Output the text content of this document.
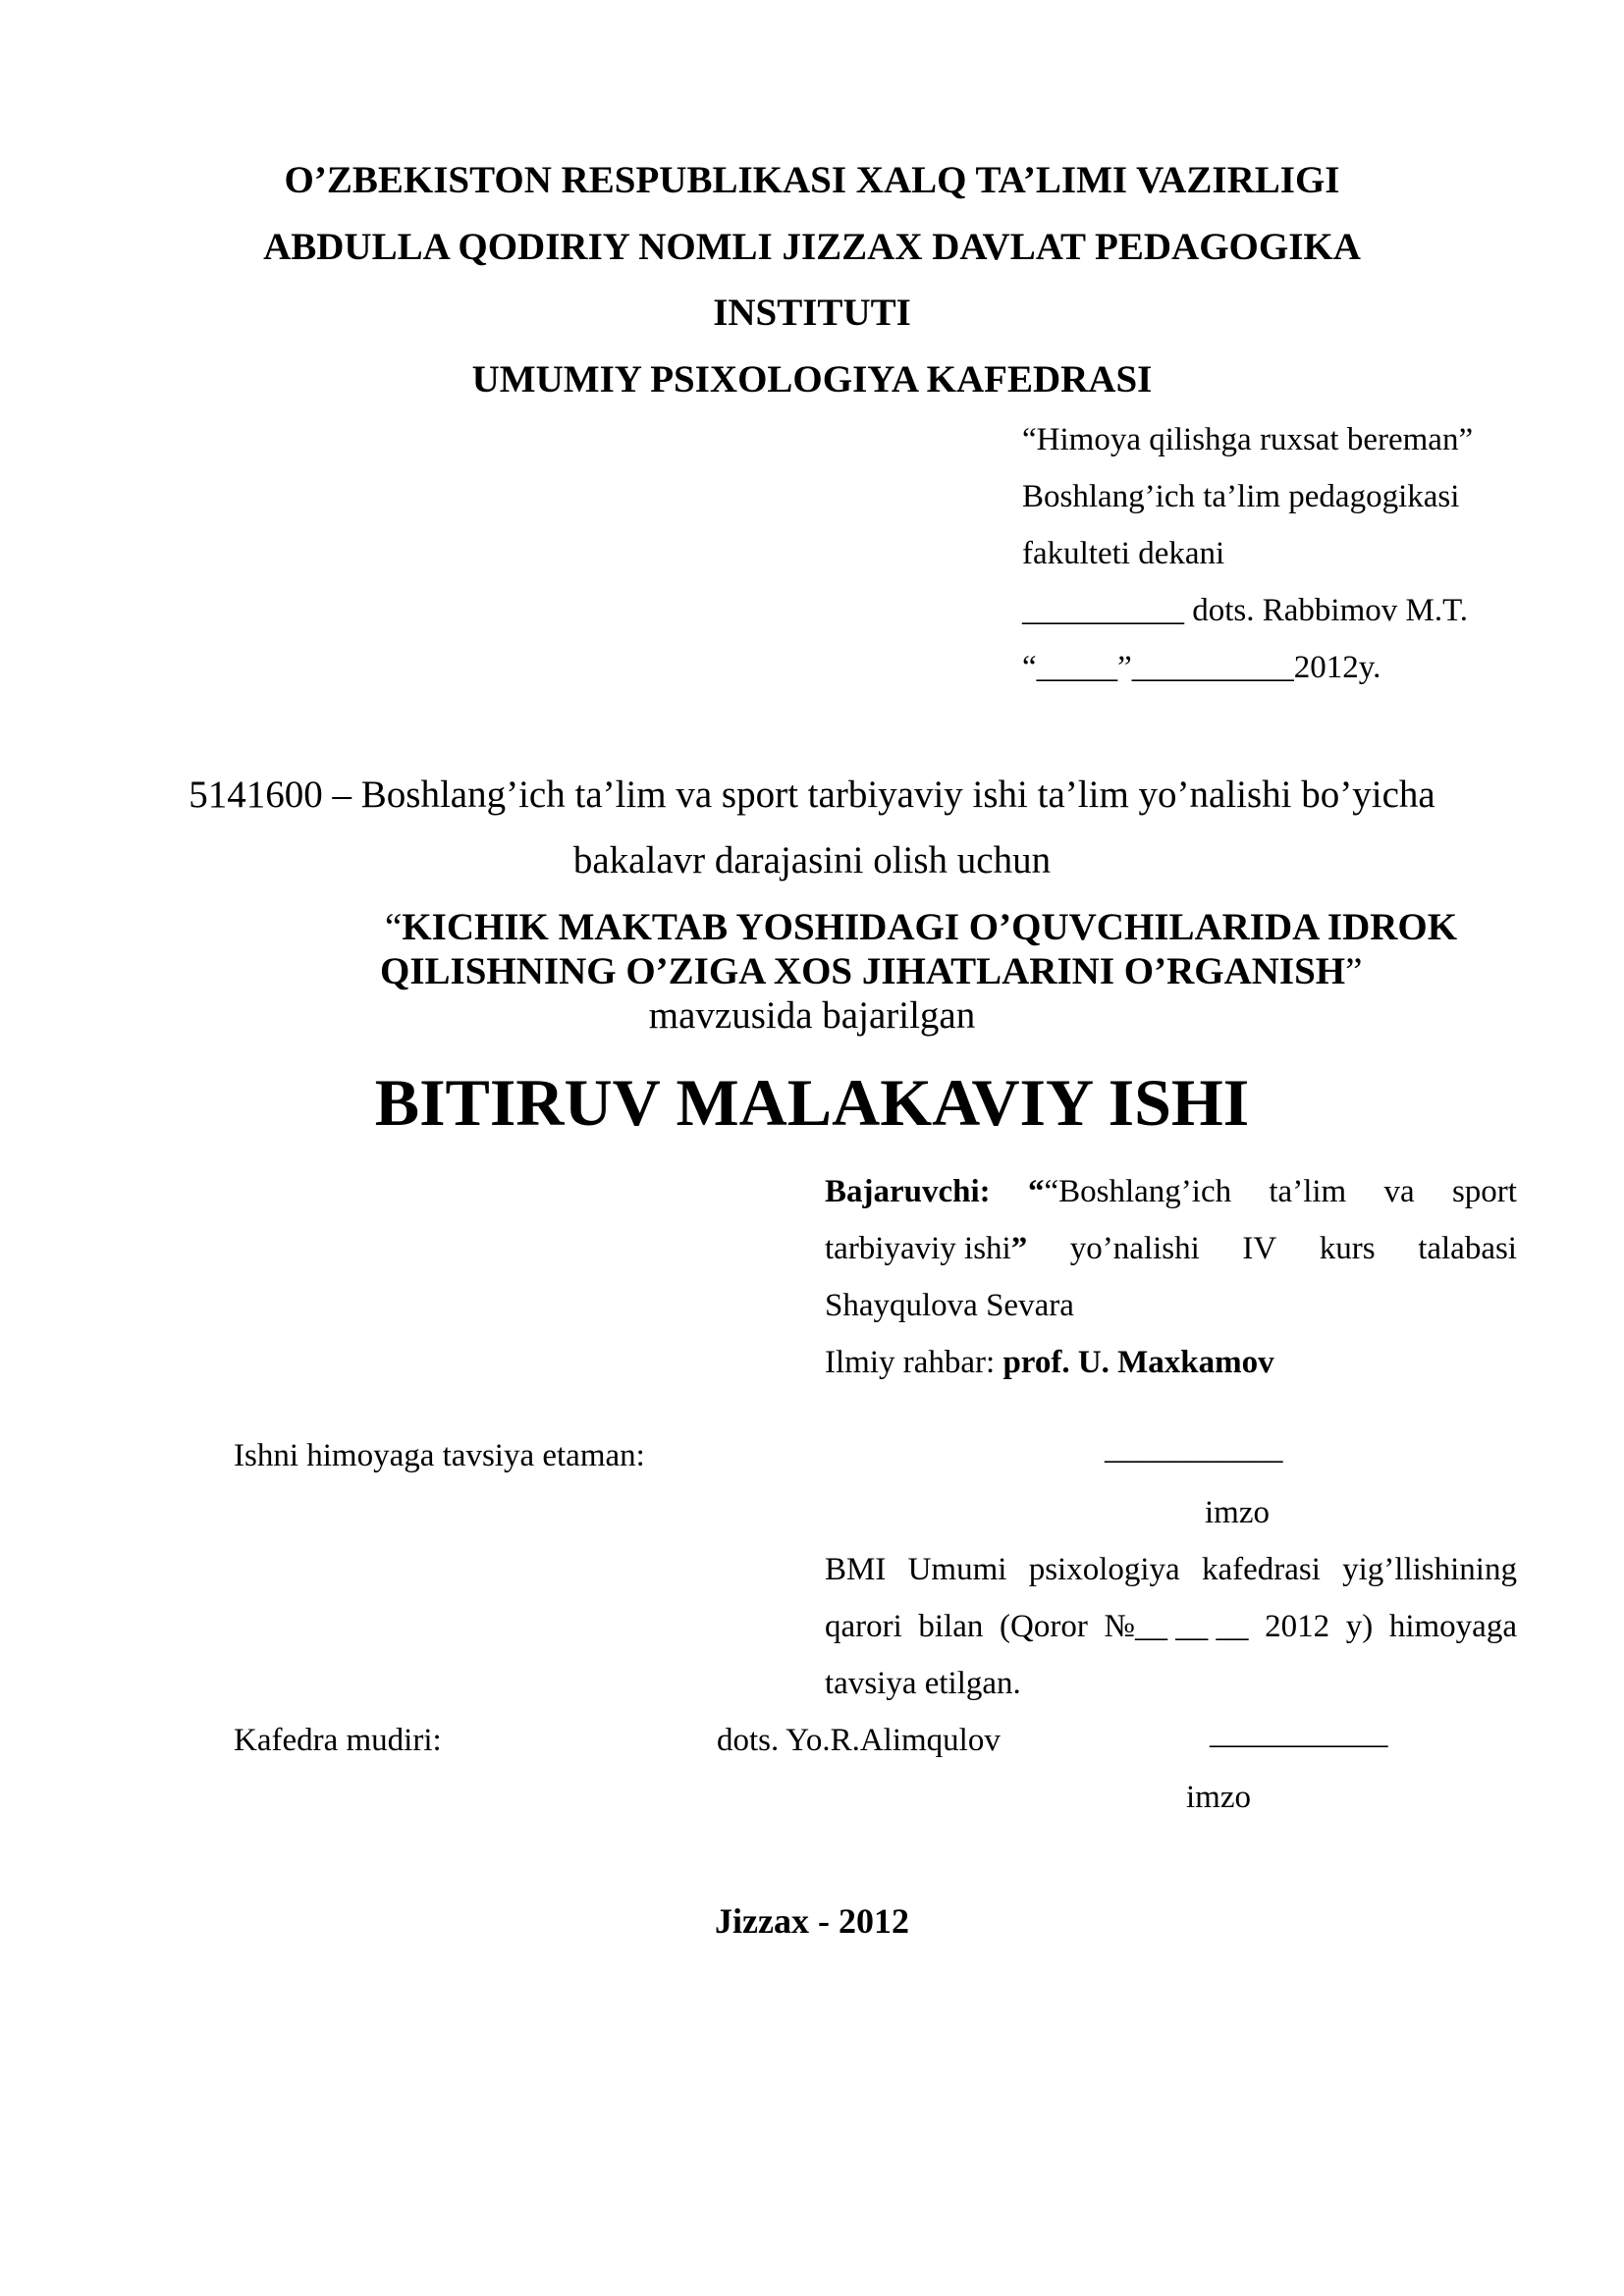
O’ZBEKISTON RESPUBLIKASI XALQ TA’LIMI VAZIRLIGI
ABDULLA QODIRIY NOMLI JIZZAX DAVLAT PEDAGOGIKA
INSTITUTI
UMUMIY PSIXOLOGIYA KAFEDRASI
“Himoya qilishga ruxsat bereman”
Boshlang’ich ta’lim pedagogikasi
fakulteti dekani
__________ dots. Rabbimov M.T.
“_____”__________2012y.
5141600 – Boshlang’ich ta’lim va sport tarbiyaviy ishi ta’lim yo’nalishi bo’yicha
bakalavr darajasini olish uchun
“KICHIK MAKTAB YOSHIDAGI O’QUVCHILARIDA IDROK
QILISHNING O’ZIGA XOS JIHATLARINI O’RGANISH”
mavzusida bajarilgan
BITIRUV MALAKAVIY ISHI
Bajaruvchi: ““Boshlang’ich ta’lim va sport
tarbiyaviy ishi” yo’nalishi IV kurs talabasi
Shayqulova Sevara
Ilmiy rahbar: prof. U. Maxkamov
Ishni himoyaga tavsiya etaman:	___________
imzo
BMI Umumi psixologiya kafedrasi yig’llishining
qarori bilan (Qoror №__ __ __ 2012 y) himoyaga
tavsiya etilgan.
Kafedra mudiri:	dots. Yo.R.Alimqulov	___________
imzo
Jizzax - 2012
